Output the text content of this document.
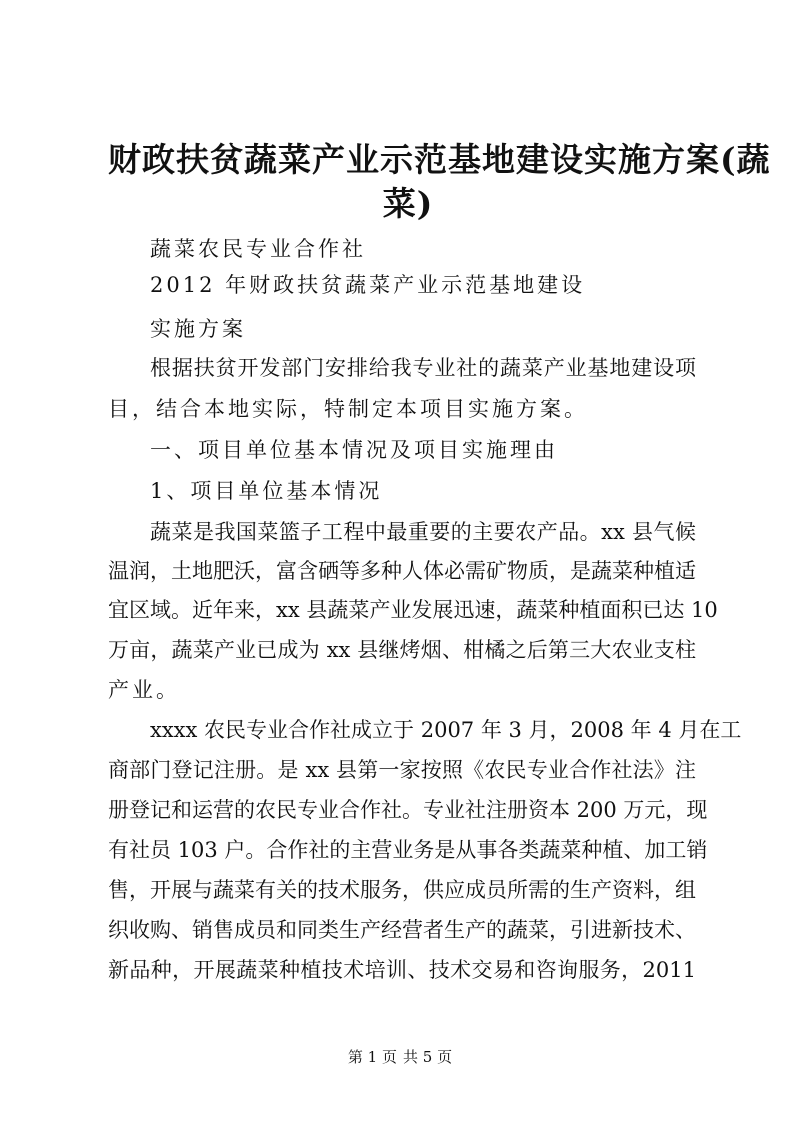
财政扶贫蔬菜产业示范基地建设实施方案(蔬
菜)
蔬菜农民专业合作社
2012 年财政扶贫蔬菜产业示范基地建设
实施方案
根据扶贫开发部门安排给我专业社的蔬菜产业基地建设项
目，结合本地实际，特制定本项目实施方案。
一、项目单位基本情况及项目实施理由
1、项目单位基本情况
蔬菜是我国菜篮子工程中最重要的主要农产品。xx 县气候
温润，土地肥沃，富含硒等多种人体必需矿物质，是蔬菜种植适
宜区域。近年来，xx 县蔬菜产业发展迅速，蔬菜种植面积已达 10
万亩，蔬菜产业已成为 xx 县继烤烟、柑橘之后第三大农业支柱
产业。
xxxx 农民专业合作社成立于 2007 年 3 月，2008 年 4 月在工
商部门登记注册。是 xx 县第一家按照《农民专业合作社法》注
册登记和运营的农民专业合作社。专业社注册资本 200 万元，现
有社员 103 户。合作社的主营业务是从事各类蔬菜种植、加工销
售，开展与蔬菜有关的技术服务，供应成员所需的生产资料，组
织收购、销售成员和同类生产经营者生产的蔬菜，引进新技术、
新品种，开展蔬菜种植技术培训、技术交易和咨询服务，2011
第 1 页 共 5 页
